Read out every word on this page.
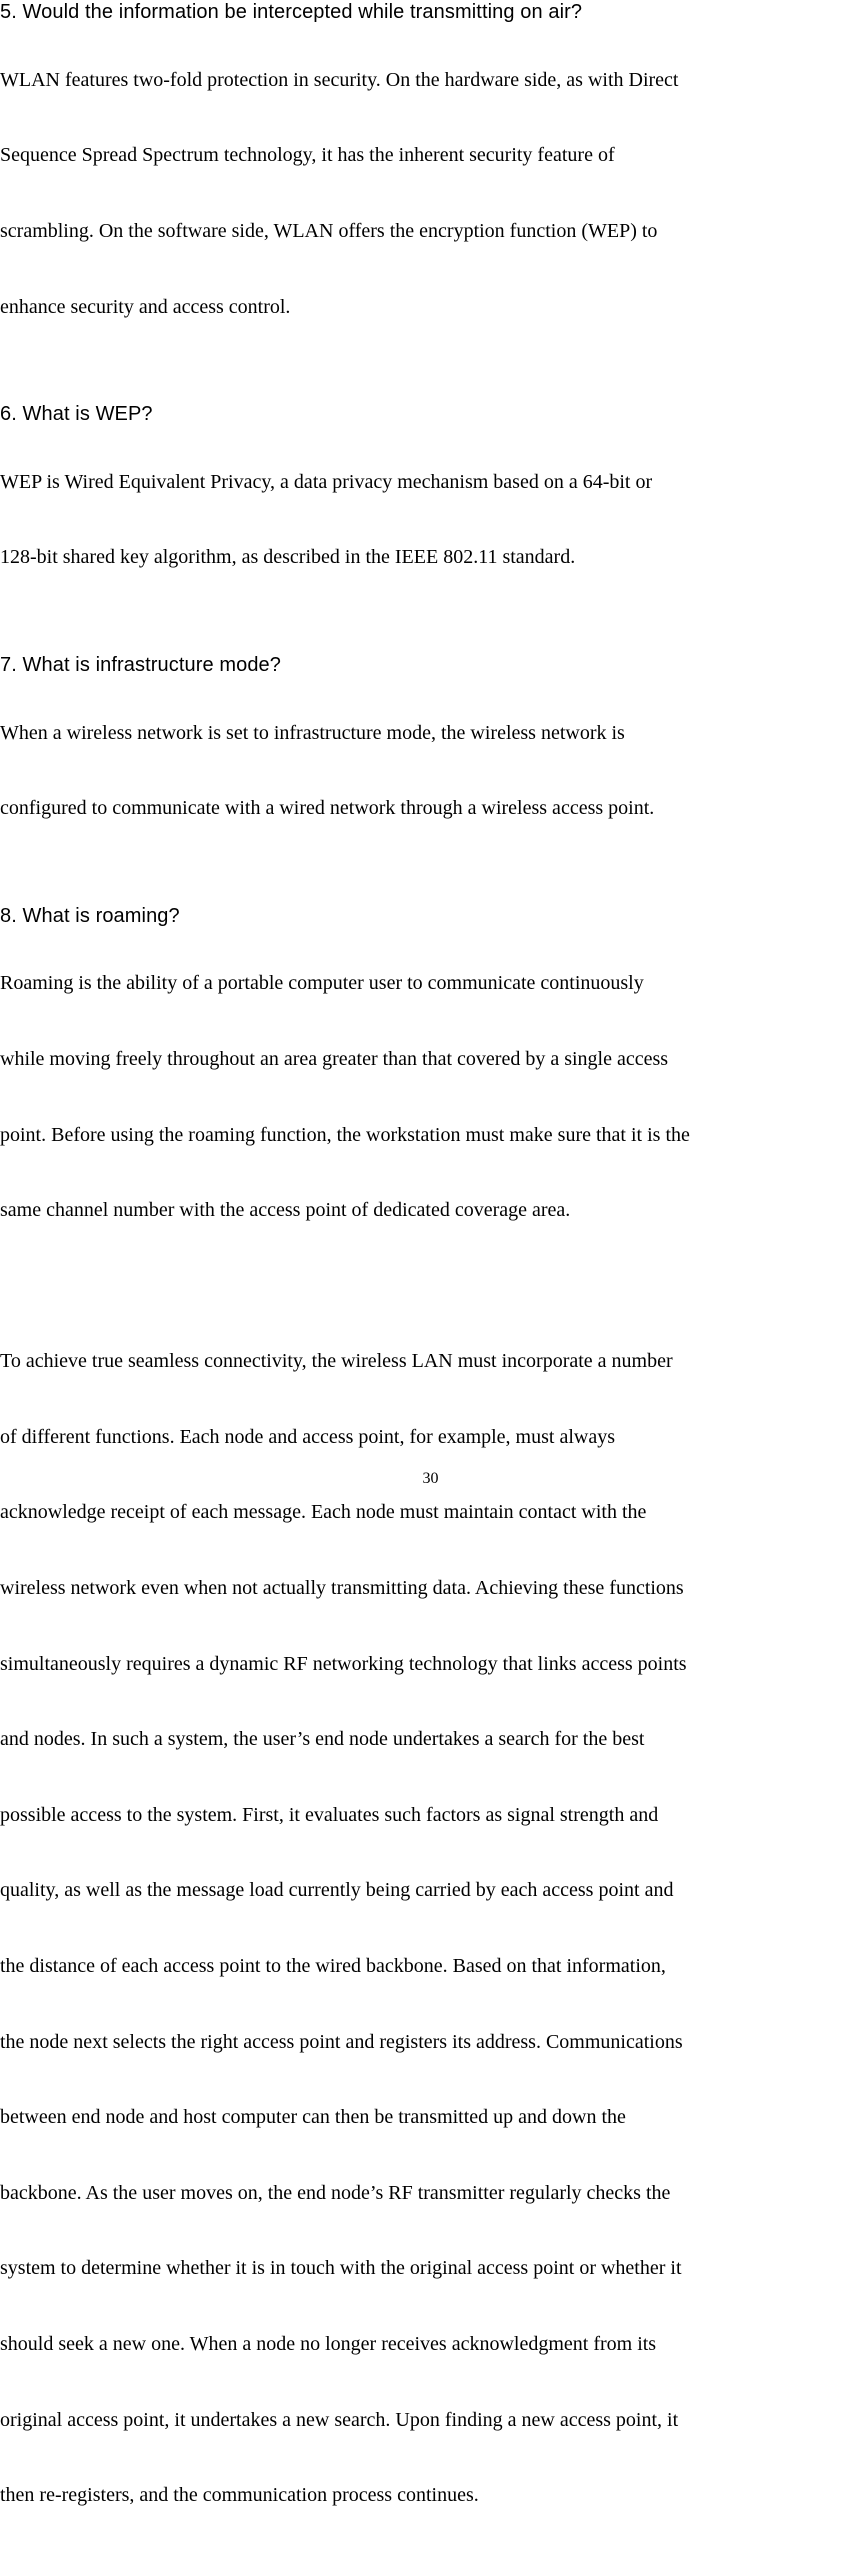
5. Would the information be intercepted while transmitting on air?

WLAN features two-fold protection in security. On the hardware side, as with Direct

Sequence Spread Spectrum technology, it has the inherent security feature of

scrambling. On the software side, WLAN offers the encryption function (WEP) to

enhance security and access control.

6. What is WEP?

WEP is Wired Equivalent Privacy, a data privacy mechanism based on a 64-bit or

128-bit shared key algorithm, as described in the IEEE 802.11 standard.

7. What is infrastructure mode?

When a wireless network is set to infrastructure mode, the wireless network is

configured to communicate with a wired network through a wireless access point.

8. What is roaming?

Roaming is the ability of a portable computer user to communicate continuously

while moving freely throughout an area greater than that covered by a single access

point. Before using the roaming function, the workstation must make sure that it is the

same channel number with the access point of dedicated coverage area.

To achieve true seamless connectivity, the wireless LAN must incorporate a number

of different functions. Each node and access point, for example, must always

acknowledge receipt of each message. Each node must maintain contact with the

wireless network even when not actually transmitting data. Achieving these functions

simultaneously requires a dynamic RF networking technology that links access points

and nodes. In such a system, the user’s end node undertakes a search for the best

possible access to the system. First, it evaluates such factors as signal strength and

quality, as well as the message load currently being carried by each access point and

the distance of each access point to the wired backbone. Based on that information,

the node next selects the right access point and registers its address. Communications

between end node and host computer can then be transmitted up and down the

backbone. As the user moves on, the end node’s RF transmitter regularly checks the

system to determine whether it is in touch with the original access point or whether it

should seek a new one. When a node no longer receives acknowledgment from its

original access point, it undertakes a new search. Upon finding a new access point, it

then re-registers, and the communication process continues.

30
